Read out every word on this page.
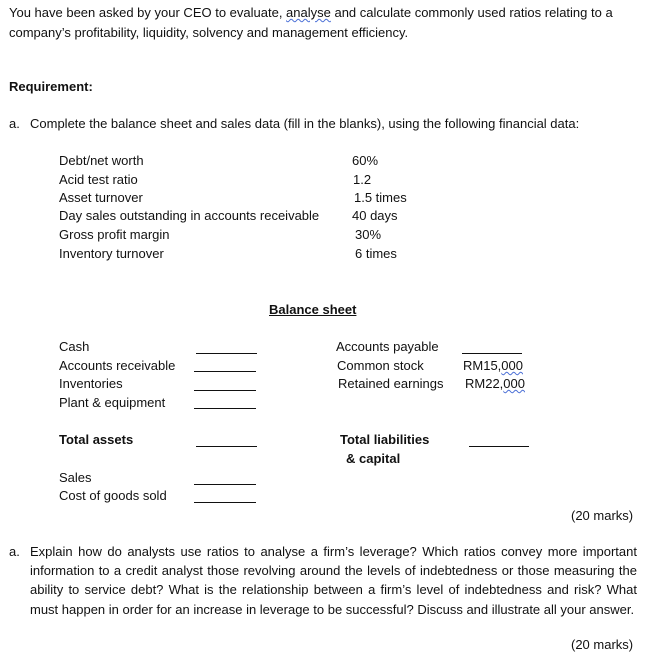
You have been asked by your CEO to evaluate, analyse and calculate commonly used ratios relating to a company’s profitability, liquidity, solvency and management efficiency.
Requirement:
a. Complete the balance sheet and sales data (fill in the blanks), using the following financial data:
Debt/net worth	60%
Acid test ratio	1.2
Asset turnover	1.5 times
Day sales outstanding in accounts receivable	40 days
Gross profit margin	30%
Inventory turnover	6 times
Balance sheet
Cash
Accounts receivable
Inventories
Plant & equipment
Total assets
Accounts payable
Common stock	RM15,000
Retained earnings RM22,000
Total liabilities
& capital
Sales
Cost of goods sold
(20 marks)
a. Explain how do analysts use ratios to analyse a firm’s leverage? Which ratios convey more important information to a credit analyst those revolving around the levels of indebtedness or those measuring the ability to service debt? What is the relationship between a firm’s level of indebtedness and risk? What must happen in order for an increase in leverage to be successful? Discuss and illustrate all your answer.
(20 marks)
